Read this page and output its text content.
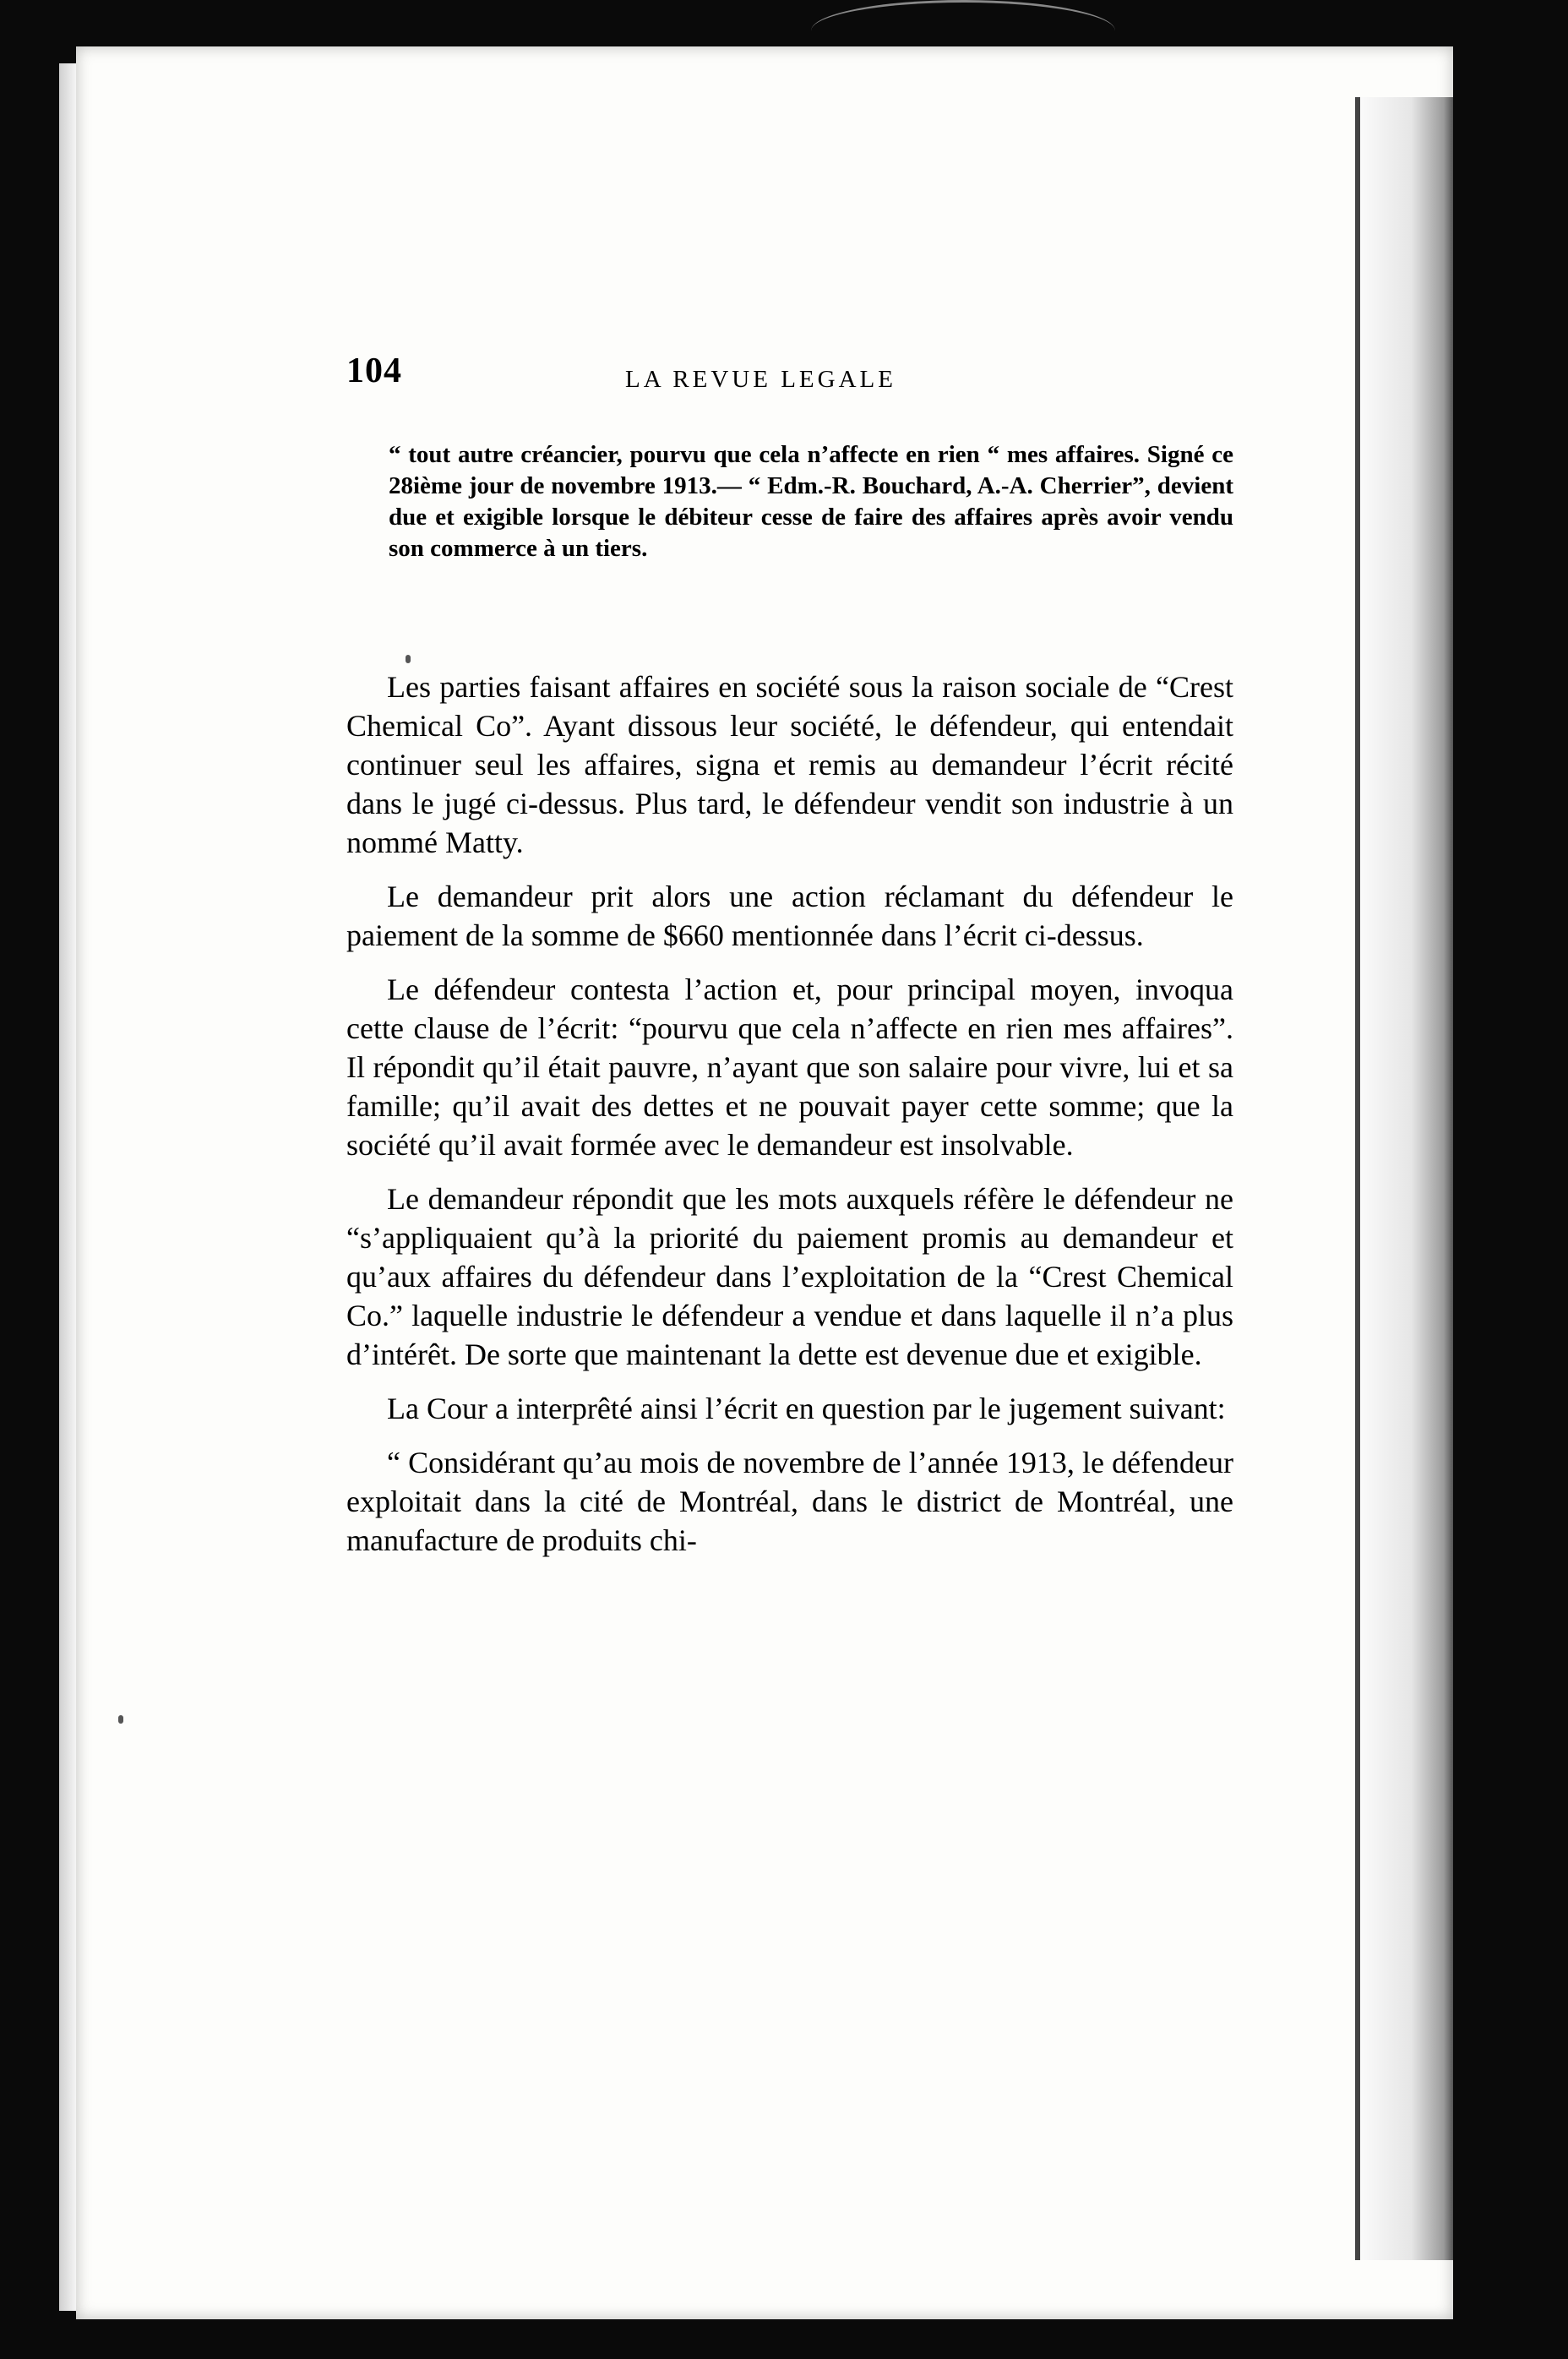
104	LA REVUE LEGALE

“ tout autre créancier, pourvu que cela n’affecte en rien “ mes affaires. Signé ce 28ième jour de novembre 1913.— “ Edm.-R. Bouchard, A.-A. Cherrier”, devient due et exigible lorsque le débiteur cesse de faire des affaires après avoir vendu son commerce à un tiers.

Les parties faisant affaires en société sous la raison sociale de “Crest Chemical Co”. Ayant dissous leur société, le défendeur, qui entendait continuer seul les affaires, signa et remis au demandeur l’écrit récité dans le jugé ci-dessus. Plus tard, le défendeur vendit son industrie à un nommé Matty.

Le demandeur prit alors une action réclamant du défendeur le paiement de la somme de $660 mentionnée dans l’écrit ci-dessus.

Le défendeur contesta l’action et, pour principal moyen, invoqua cette clause de l’écrit: “pourvu que cela n’affecte en rien mes affaires”. Il répondit qu’il était pauvre, n’ayant que son salaire pour vivre, lui et sa famille; qu’il avait des dettes et ne pouvait payer cette somme; que la société qu’il avait formée avec le demandeur est insolvable.

Le demandeur répondit que les mots auxquels réfère le défendeur ne “s’appliquaient qu’à la priorité du paiement promis au demandeur et qu’aux affaires du défendeur dans l’exploitation de la “Crest Chemical Co.” laquelle industrie le défendeur a vendue et dans laquelle il n’a plus d’intérêt. De sorte que maintenant la dette est devenue due et exigible.

La Cour a interprêté ainsi l’écrit en question par le jugement suivant:

“ Considérant qu’au mois de novembre de l’année 1913, le défendeur exploitait dans la cité de Montréal, dans le district de Montréal, une manufacture de produits chi-
